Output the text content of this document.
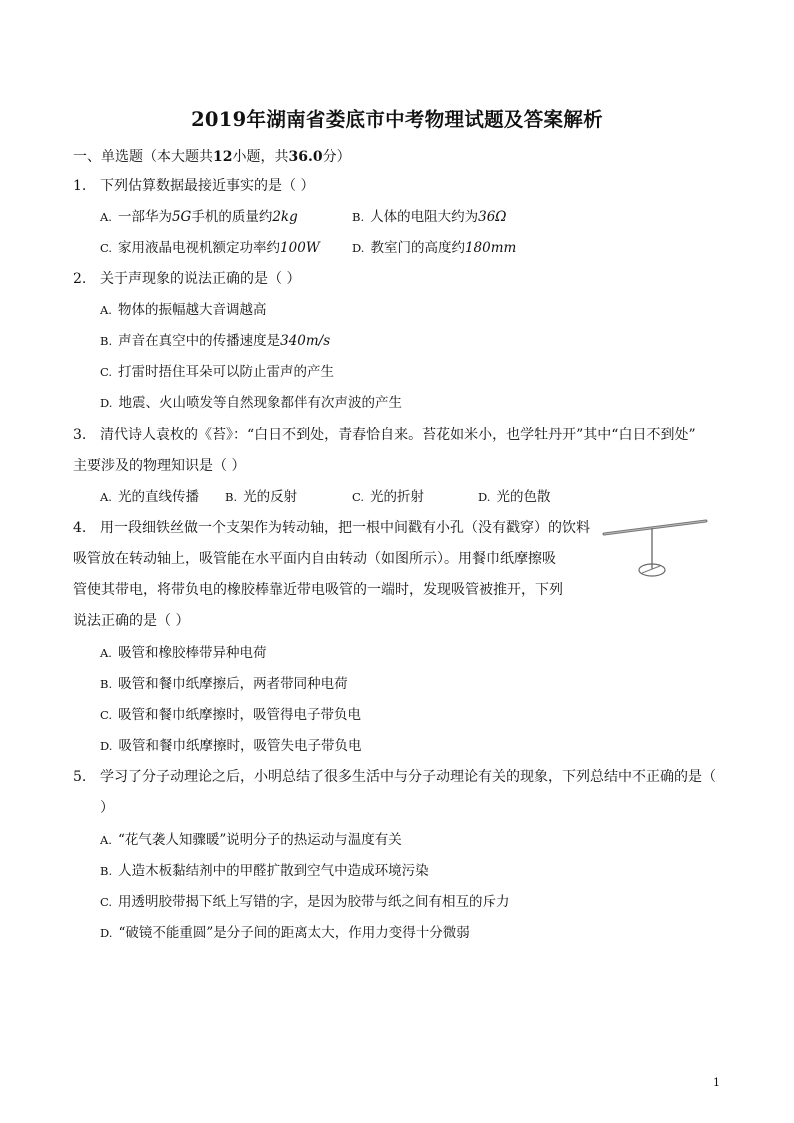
2019年湖南省娄底市中考物理试题及答案解析
一、单选题（本大题共12小题，共36.0分）
1. 下列估算数据最接近事实的是（ ）
A. 一部华为5G手机的质量约2kg	B. 人体的电阻大约为36Ω
C. 家用液晶电视机额定功率约100W	D. 教室门的高度约180mm
2. 关于声现象的说法正确的是（ ）
A. 物体的振幅越大音调越高
B. 声音在真空中的传播速度是340m/s
C. 打雷时捂住耳朵可以防止雷声的产生
D. 地震、火山喷发等自然现象都伴有次声波的产生
3. 清代诗人袁枚的《苔》：“白日不到处，青春恰自来。苔花如米小，也学牡丹开”其中“白日不到处”
主要涉及的物理知识是（ ）
A. 光的直线传播 B. 光的反射	C. 光的折射	D. 光的色散
4. 用一段细铁丝做一个支架作为转动轴，把一根中间戳有小孔（没有戳穿）的饮料
吸管放在转动轴上，吸管能在水平面内自由转动（如图所示）。用餐巾纸摩擦吸
管使其带电，将带负电的橡胶棒靠近带电吸管的一端时，发现吸管被推开，下列
说法正确的是（ ）
A. 吸管和橡胶棒带异种电荷
B. 吸管和餐巾纸摩擦后，两者带同种电荷
C. 吸管和餐巾纸摩擦时，吸管得电子带负电
D. 吸管和餐巾纸摩擦时，吸管失电子带负电
5. 学习了分子动理论之后，小明总结了很多生活中与分子动理论有关的现象，下列总结中不正确的是（
）
A. “花气袭人知骤暖”说明分子的热运动与温度有关
B. 人造木板黏结剂中的甲醛扩散到空气中造成环境污染
C. 用透明胶带揭下纸上写错的字，是因为胶带与纸之间有相互的斥力
D. “破镜不能重圆”是分子间的距离太大，作用力变得十分微弱
1
